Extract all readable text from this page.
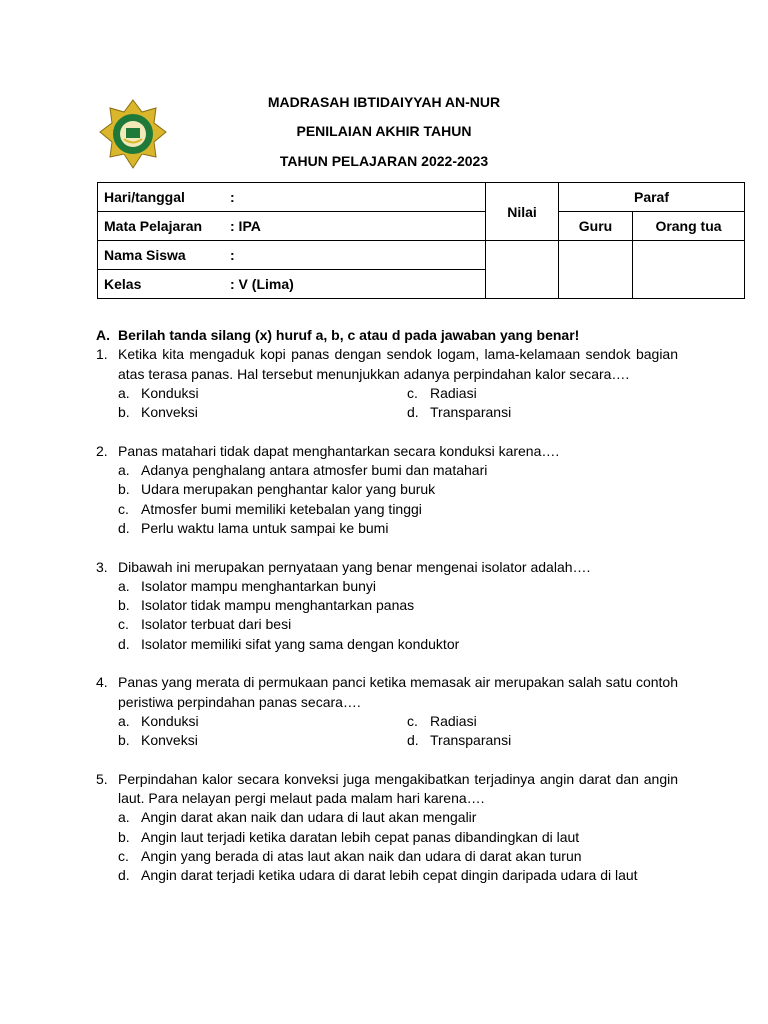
MADRASAH IBTIDAIYYAH AN-NUR
PENILAIAN AKHIR TAHUN
TAHUN PELAJARAN 2022-2023
Hari/tanggal :	Nilai	Paraf	
Mata Pelajaran : IPA		Guru	Orang tua
Nama Siswa :			
Kelas : V (Lima)			
A. Berilah tanda silang (x) huruf a, b, c atau d pada jawaban yang benar!
1. Ketika kita mengaduk kopi panas dengan sendok logam, lama-kelamaan sendok bagian atas terasa panas. Hal tersebut menunjukkan adanya perpindahan kalor secara….
a. Konduksi	c. Radiasi
b. Konveksi	d. Transparansi
2. Panas matahari tidak dapat menghantarkan secara konduksi karena….
a. Adanya penghalang antara atmosfer bumi dan matahari
b. Udara merupakan penghantar kalor yang buruk
c. Atmosfer bumi memiliki ketebalan yang tinggi
d. Perlu waktu lama untuk sampai ke bumi
3. Dibawah ini merupakan pernyataan yang benar mengenai isolator adalah….
a. Isolator mampu menghantarkan bunyi
b. Isolator tidak mampu menghantarkan panas
c. Isolator terbuat dari besi
d. Isolator memiliki sifat yang sama dengan konduktor
4. Panas yang merata di permukaan panci ketika memasak air merupakan salah satu contoh peristiwa perpindahan panas secara….
a. Konduksi	c. Radiasi
b. Konveksi	d. Transparansi
5. Perpindahan kalor secara konveksi juga mengakibatkan terjadinya angin darat dan angin laut. Para nelayan pergi melaut pada malam hari karena….
a. Angin darat akan naik dan udara di laut akan mengalir
b. Angin laut terjadi ketika daratan lebih cepat panas dibandingkan di laut
c. Angin yang berada di atas laut akan naik dan udara di darat akan turun
d. Angin darat terjadi ketika udara di darat lebih cepat dingin daripada udara di laut
